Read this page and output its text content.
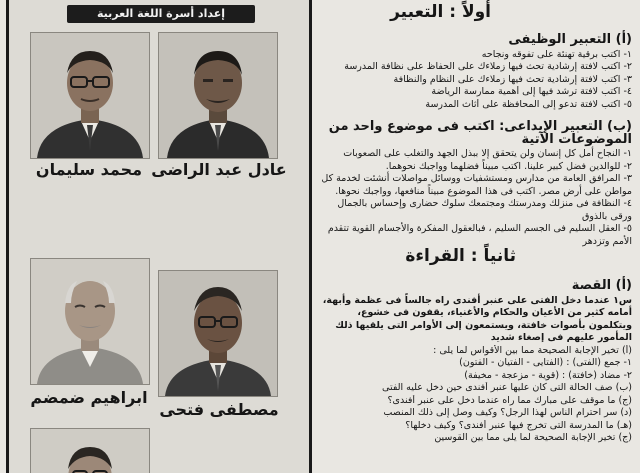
إعداد أسرة اللغة العربية
عادل عبد الراضى
محمد سليمان
مصطفى فتحى
ابراهيم ضمضم
أولاً : التعبير
(أ) التعبير الوظيفى
١- اكتب برقية تهنئة على تفوقه ونجاحه
٢- اكتب لافتة إرشادية تحث فيها زملاءك على الحفاظ على نظافة المدرسة
٣- اكتب لافتة إرشادية تحث فيها زملاءك على النظام والنظافة
٤- اكتب لافتة ترشد فيها إلى أهمية ممارسة الرياضة
٥- اكتب لافتة تدعو إلى المحافظة على أثاث المدرسة
(ب) التعبير الإبداعى: اكتب فى موضوع واحد من الموضوعات الآتية
١- النجاح أمل كل إنسان ولن يتحقق إلا ببذل الجهد والتغلب على الصعوبات
٢- للوالدين فضل كبير علينا. اكتب مبيناً فضلهما وواجبك نحوهما.
٣- المرافق العامة من مدارس ومستشفيات ووسائل مواصلات أنشئت لخدمة كل مواطن على أرض مصر. اكتب فى هذا الموضوع مبيناً منافعها، وواجبك نحوها.
٤- النظافة فى منزلك ومدرستك ومجتمعك سلوك حضارى وإحساس بالجمال ورقى بالذوق
٥- العقل السليم فى الجسم السليم ، فبالعقول المفكرة والأجسام القوية تتقدم الأمم وتزدهر
ثانياً : القراءة
(أ) القصة
س١ عندما دخل الفتى على عنبر أفندى راه جالساً فى عظمة وأبهة، أمامه كثير من الأعيان والحكام والأغنياء، يقفون فى خشوع، ويتكلمون بأصوات خافتة، ويستمعون إلى الأوامر التى يلقيها ذلك المأمور عليهم فى إصغاء شديد
(أ) تخير الإجابة الصحيحة مما بين الأقواس لما يلى :
١- جمع (الفتى) : (الفتايى - الفتيان - الفتون)
٢- مضاد (خافتة) : (قوية - مزعجة - مخيفة)
(ب) صف الحالة التى كان عليها عنبر أفندى حين دخل عليه الفتى
(ج) ما موقف على مبارك مما رآه عندما دخل على عنبر أفندى؟
(د) سر احترام الناس لهذا الرجل؟ وكيف وصل إلى ذلك المنصب
(هـ) ما المدرسة التى تخرج فيها عنبر أفندى؟ وكيف دخلها؟
(ج) تخير الإجابة الصحيحة لما يلى مما بين القوسين
